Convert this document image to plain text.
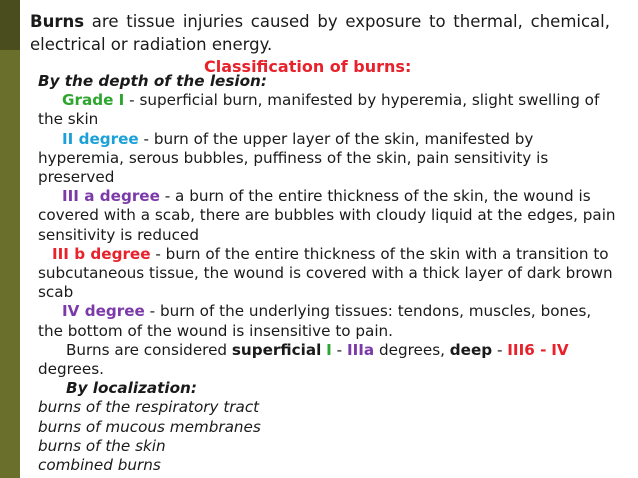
Burns are tissue injuries caused by exposure to thermal, chemical, electrical or radiation energy.
Classification of burns:

By the depth of the lesion:

Grade I - superficial burn, manifested by hyperemia, slight swelling of the skin

II degree - burn of the upper layer of the skin, manifested by hyperemia, serous bubbles, puffiness of the skin, pain sensitivity is preserved

III a degree - a burn of the entire thickness of the skin, the wound is covered with a scab, there are bubbles with cloudy liquid at the edges, pain sensitivity is reduced

III b degree - burn of the entire thickness of the skin with a transition to subcutaneous tissue, the wound is covered with a thick layer of dark brown scab

IV degree - burn of the underlying tissues: tendons, muscles, bones, the bottom of the wound is insensitive to pain.

Burns are considered superficial I - IIIa degrees, deep - III6 - IV degrees.

By localization:

burns of the respiratory tract

burns of mucous membranes

burns of the skin

combined burns
